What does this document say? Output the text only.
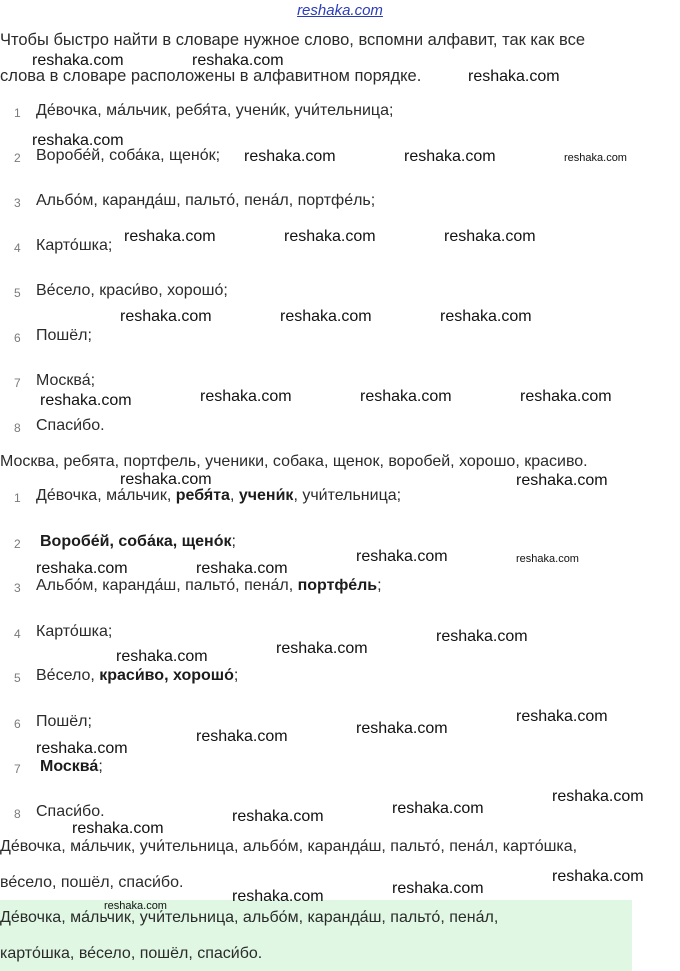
reshaka.com
Чтобы быстро найти в словаре нужное слово, вспомни алфавит, так как все
слова в словаре расположены в алфавитном порядке.
1 Де́вочка, ма́льчик, ребя́та, учени́к, учи́тельница;
2 Воробе́й, соба́ка, щено́к;
3 Альбо́м, каранда́ш, пальто́, пена́л, портфе́ль;
4 Карто́шка;
5 Ве́село, краси́во, хорошо́;
6 Пошёл;
7 Москва́;
8 Спаси́бо.
Москва, ребята, портфель, ученики, собака, щенок, воробей, хорошо, красиво.
1 Де́вочка, ма́льчик, ребя́та, учени́к, учи́тельница;
2 Воробе́й, соба́ка, щено́к;
3 Альбо́м, каранда́ш, пальто́, пена́л, портфе́ль;
4 Карто́шка;
5 Ве́село, краси́во, хорошо́;
6 Пошёл;
7 Москва́;
8 Спаси́бо.
Де́вочка, ма́льчик, учи́тельница, альбо́м, каранда́ш, пальто́, пена́л, карто́шка,
ве́село, пошёл, спаси́бо.
Де́вочка, ма́льчик, учи́тельница, альбо́м, каранда́ш, пальто́, пена́л,
карто́шка, ве́село, пошёл, спаси́бо.
reshaka.com
reshaka.com	reshaka.com
reshaka.com
reshaka.com	reshaka.com	reshaka.com
reshaka.com	reshaka.com	reshaka.com
reshaka.com	reshaka.com	reshaka.com
reshaka.com	reshaka.com	reshaka.com	reshaka.com
reshaka.com	reshaka.com
reshaka.com	reshaka.com
reshaka.com	reshaka.com
reshaka.com
reshaka.com
reshaka.com
reshaka.com
reshaka.com
reshaka.com
reshaka.com
reshaka.com
reshaka.com
reshaka.com
reshaka.com
reshaka.com
reshaka.com
reshaka.com
reshaka.com
